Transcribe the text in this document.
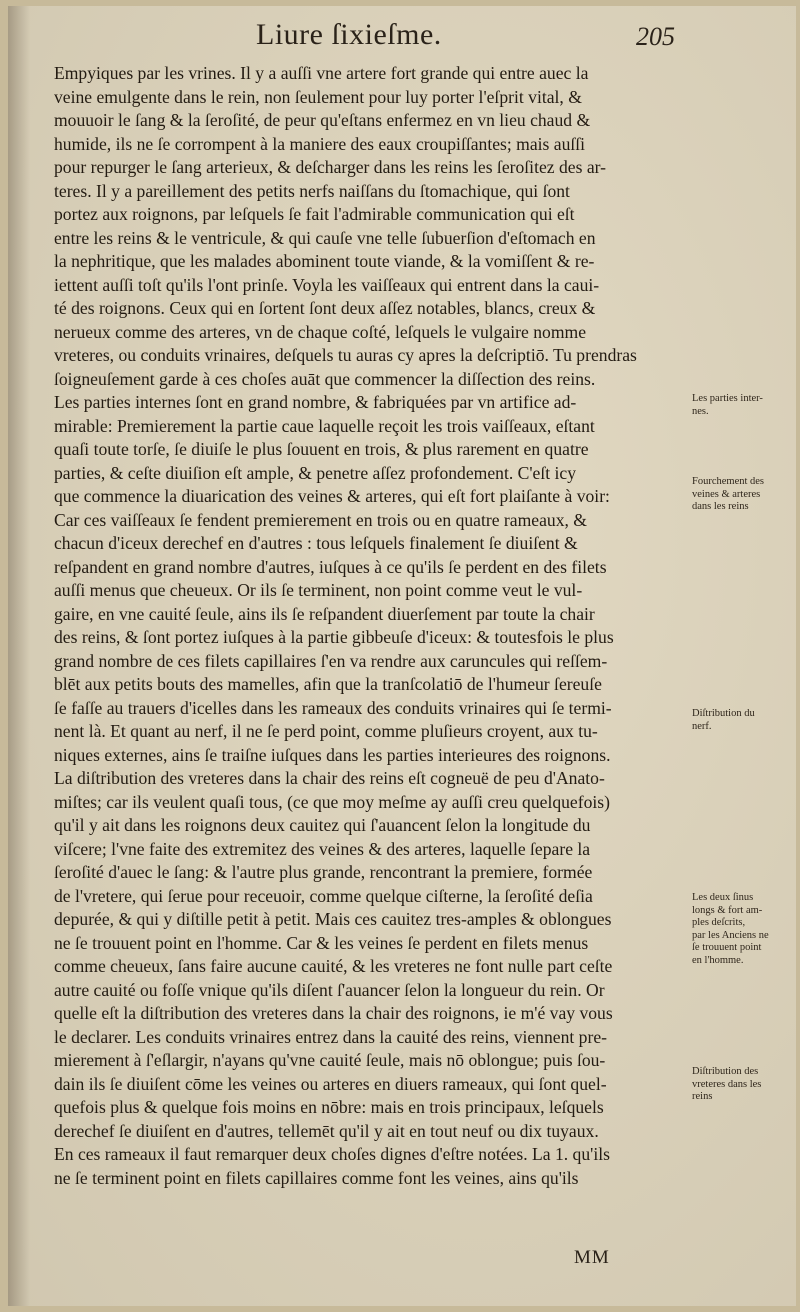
Liure ſixieſme.	205
Empyiques par les vrines. Il y a auſſi vne artere fort grande qui entre auec la
veine emulgente dans le rein, non ſeulement pour luy porter l'eſprit vital, &
mouuoir le ſang & la ſeroſité, de peur qu'eſtans enfermez en vn lieu chaud &
humide, ils ne ſe corrompent à la maniere des eaux croupiſſantes; mais auſſi
pour repurger le ſang arterieux, & deſcharger dans les reins les ſeroſitez des ar-
teres. Il y a pareillement des petits nerfs naiſſans du ſtomachique, qui ſont
portez aux roignons, par leſquels ſe fait l'admirable communication qui eſt
entre les reins & le ventricule, & qui cauſe vne telle ſubuerſion d'eſtomach en
la nephritique, que les malades abominent toute viande, & la vomiſſent & re-
iettent auſſi toſt qu'ils l'ont prinſe. Voyla les vaiſſeaux qui entrent dans la caui-
té des roignons. Ceux qui en ſortent ſont deux aſſez notables, blancs, creux &
nerueux comme des arteres, vn de chaque coſté, leſquels le vulgaire nomme
vreteres, ou conduits vrinaires, deſquels tu auras cy apres la deſcriptiō. Tu prendras
ſoigneuſement garde à ces choſes auāt que commencer la diſſection des reins.
Les parties internes ſont en grand nombre, & fabriquées par vn artifice ad-
mirable: Premierement la partie caue laquelle reçoit les trois vaiſſeaux, eſtant
quaſi toute torſe, ſe diuiſe le plus ſouuent en trois, & plus rarement en quatre
parties, & ceſte diuiſion eſt ample, & penetre aſſez profondement. C'eſt icy
que commence la diuarication des veines & arteres, qui eſt fort plaiſante à voir:
Car ces vaiſſeaux ſe fendent premierement en trois ou en quatre rameaux, &
chacun d'iceux derechef en d'autres : tous leſquels finalement ſe diuiſent &
reſpandent en grand nombre d'autres, iuſques à ce qu'ils ſe perdent en des filets
auſſi menus que cheueux. Or ils ſe terminent, non point comme veut le vul-
gaire, en vne cauité ſeule, ains ils ſe reſpandent diuerſement par toute la chair
des reins, & ſont portez iuſques à la partie gibbeuſe d'iceux: & toutesfois le plus
grand nombre de ces filets capillaires ſ'en va rendre aux caruncules qui reſſem-
blēt aux petits bouts des mamelles, afin que la tranſcolatiō de l'humeur ſereuſe
ſe faſſe au trauers d'icelles dans les rameaux des conduits vrinaires qui ſe termi-
nent là. Et quant au nerf, il ne ſe perd point, comme pluſieurs croyent, aux tu-
niques externes, ains ſe traiſne iuſques dans les parties interieures des roignons.
La diſtribution des vreteres dans la chair des reins eſt cogneuë de peu d'Anato-
miſtes; car ils veulent quaſi tous, (ce que moy meſme ay auſſi creu quelquefois)
qu'il y ait dans les roignons deux cauitez qui ſ'auancent ſelon la longitude du
viſcere; l'vne faite des extremitez des veines & des arteres, laquelle ſepare la
ſeroſité d'auec le ſang: & l'autre plus grande, rencontrant la premiere, formée
de l'vretere, qui ſerue pour receuoir, comme quelque ciſterne, la ſeroſité deſia
depurée, & qui y diſtille petit à petit. Mais ces cauitez tres-amples & oblongues
ne ſe trouuent point en l'homme. Car & les veines ſe perdent en filets menus
comme cheueux, ſans faire aucune cauité, & les vreteres ne font nulle part ceſte
autre cauité ou foſſe vnique qu'ils diſent ſ'auancer ſelon la longueur du rein. Or
quelle eſt la diſtribution des vreteres dans la chair des roignons, ie m'é vay vous
le declarer. Les conduits vrinaires entrez dans la cauité des reins, viennent pre-
mierement à ſ'eſlargir, n'ayans qu'vne cauité ſeule, mais nō oblongue; puis ſou-
dain ils ſe diuiſent cōme les veines ou arteres en diuers rameaux, qui ſont quel-
quefois plus & quelque fois moins en nōbre: mais en trois principaux, leſquels
derechef ſe diuiſent en d'autres, tellemēt qu'il y ait en tout neuf ou dix tuyaux.
En ces rameaux il faut remarquer deux choſes dignes d'eſtre notées. La 1. qu'ils
ne ſe terminent point en filets capillaires comme font les veines, ains qu'ils
Les parties inter-
nes.
Fourchement des
veines & arteres
dans les reins
Diſtribution du
nerf.
Les deux ſinus
longs & fort am-
ples deſcrits,
par les Anciens ne
ſe trouuent point
en l'homme.
Diſtribution des
vreteres dans les
reins
MM
